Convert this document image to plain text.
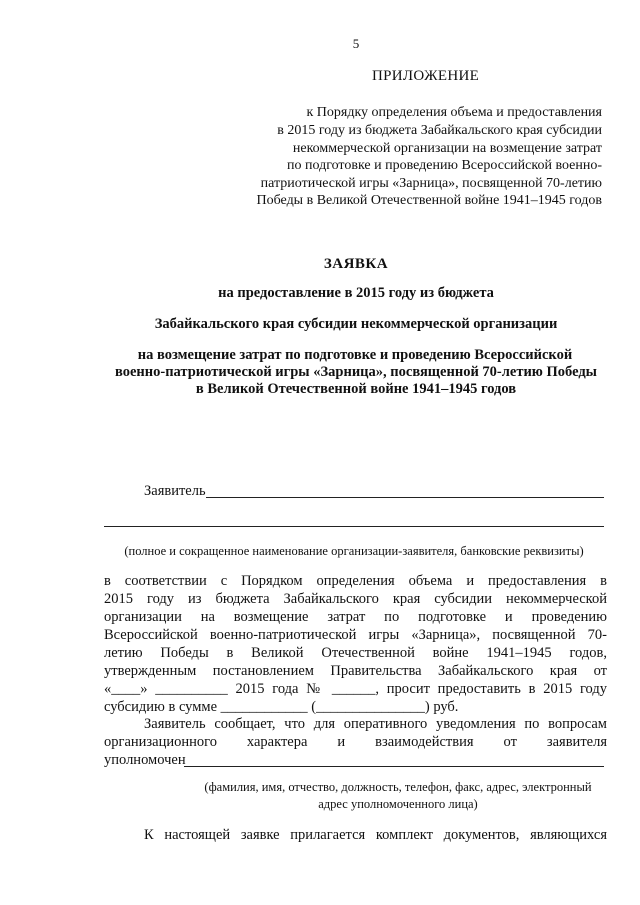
5
ПРИЛОЖЕНИЕ
к Порядку определения объема и предоставления
в 2015 году из бюджета Забайкальского края субсидии
некоммерческой организации на возмещение затрат
по подготовке и проведению Всероссийской военно-
патриотической игры «Зарница», посвященной 70-летию
Победы в Великой Отечественной войне 1941–1945 годов
ЗАЯВКА
на предоставление в 2015 году из бюджета
Забайкальского края субсидии некоммерческой организации
на возмещение затрат по подготовке и проведению Всероссийской
военно-патриотической игры «Зарница», посвященной 70-летию Победы
в Великой Отечественной войне 1941–1945 годов
Заявитель
(полное и сокращенное наименование организации-заявителя, банковские реквизиты)
в соответствии с Порядком определения объема и предоставления в
2015 году из бюджета Забайкальского края субсидии некоммерческой
организации на возмещение затрат по подготовке и проведению
Всероссийской военно-патриотической игры «Зарница», посвященной 70-
летию Победы в Великой Отечественной войне 1941–1945 годов,
утвержденным постановлением Правительства Забайкальского края от
«____» __________ 2015 года № ______, просит предоставить в 2015 году
субсидию в сумме ____________ (_______________) руб.
Заявитель сообщает, что для оперативного уведомления по вопросам
организационного характера и взаимодействия от заявителя
уполномочен
(фамилия, имя, отчество, должность, телефон, факс, адрес, электронный
адрес уполномоченного лица)
К настоящей заявке прилагается комплект документов, являющихся
